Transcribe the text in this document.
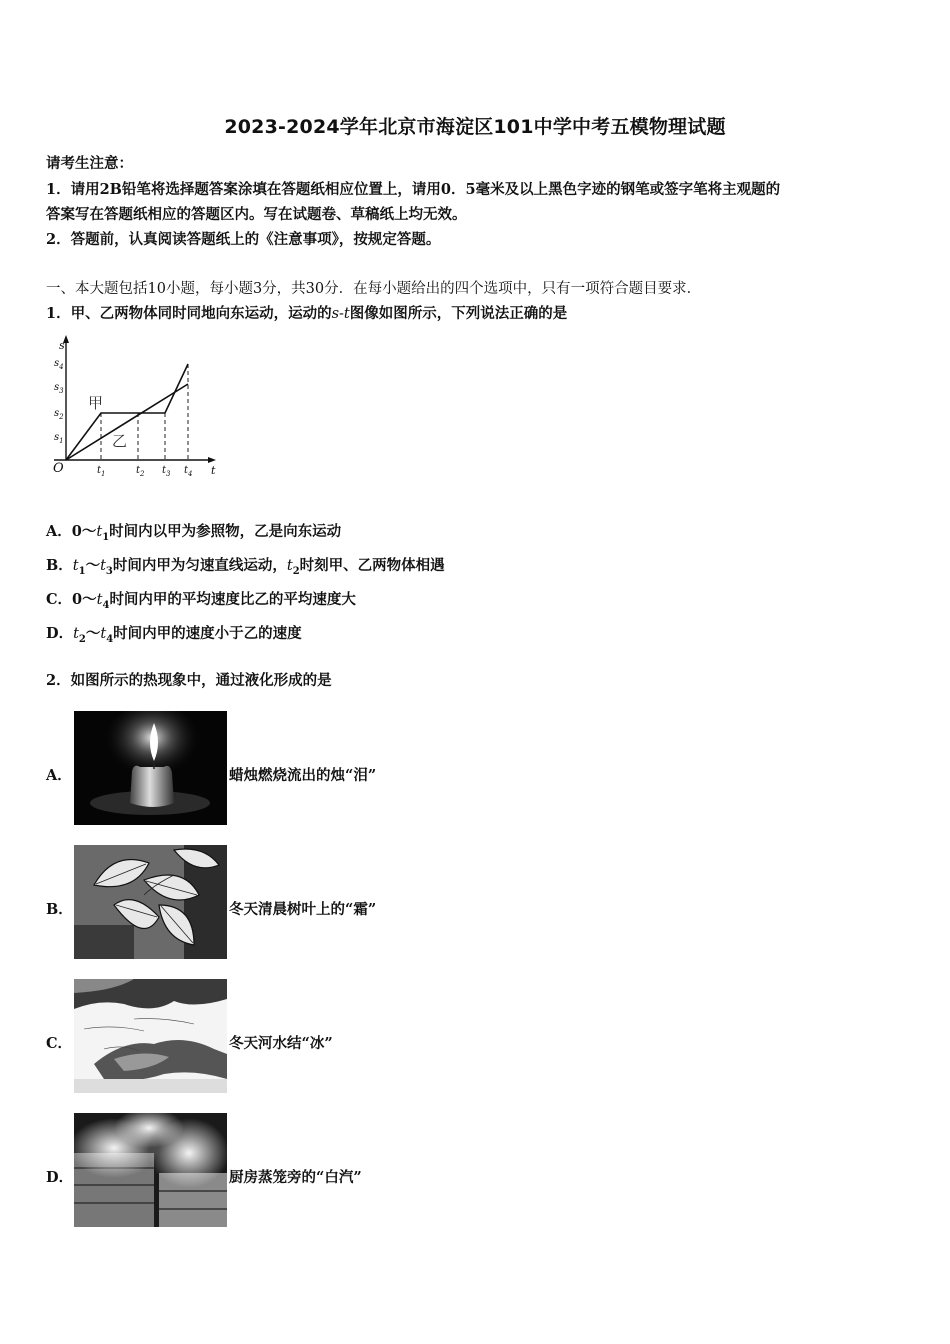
2023-2024学年北京市海淀区101中学中考五模物理试题
请考生注意：
1．请用2B铅笔将选择题答案涂填在答题纸相应位置上，请用0．5毫米及以上黑色字迹的钢笔或签字笔将主观题的
答案写在答题纸相应的答题区内。写在试题卷、草稿纸上均无效。
2．答题前，认真阅读答题纸上的《注意事项》，按规定答题。
一、本大题包括10小题，每小题3分，共30分．在每小题给出的四个选项中，只有一项符合题目要求．
1．甲、乙两物体同时同地向东运动，运动的s-t图像如图所示，下列说法正确的是
s
t
O
$s_4$
$s_3$
$s_2$
$s_1$
$t_1$	$t_2$ $t_3$ $t_4$
甲
乙
A．$0\sim t_1$时间内以甲为参照物，乙是向东运动
B．$t_1\sim t_3$时间内甲为匀速直线运动，$t_2$时刻甲、乙两物体相遇
C．$0\sim t_4$时间内甲的平均速度比乙的平均速度大
D．$t_2\sim t_4$时间内甲的速度小于乙的速度
2．如图所示的热现象中，通过液化形成的是
A．	蜡烛燃烧流出的烛“泪”
B．	冬天清晨树叶上的“霜”
C．	冬天河水结“冰”
D．	厨房蒸笼旁的“白汽”
